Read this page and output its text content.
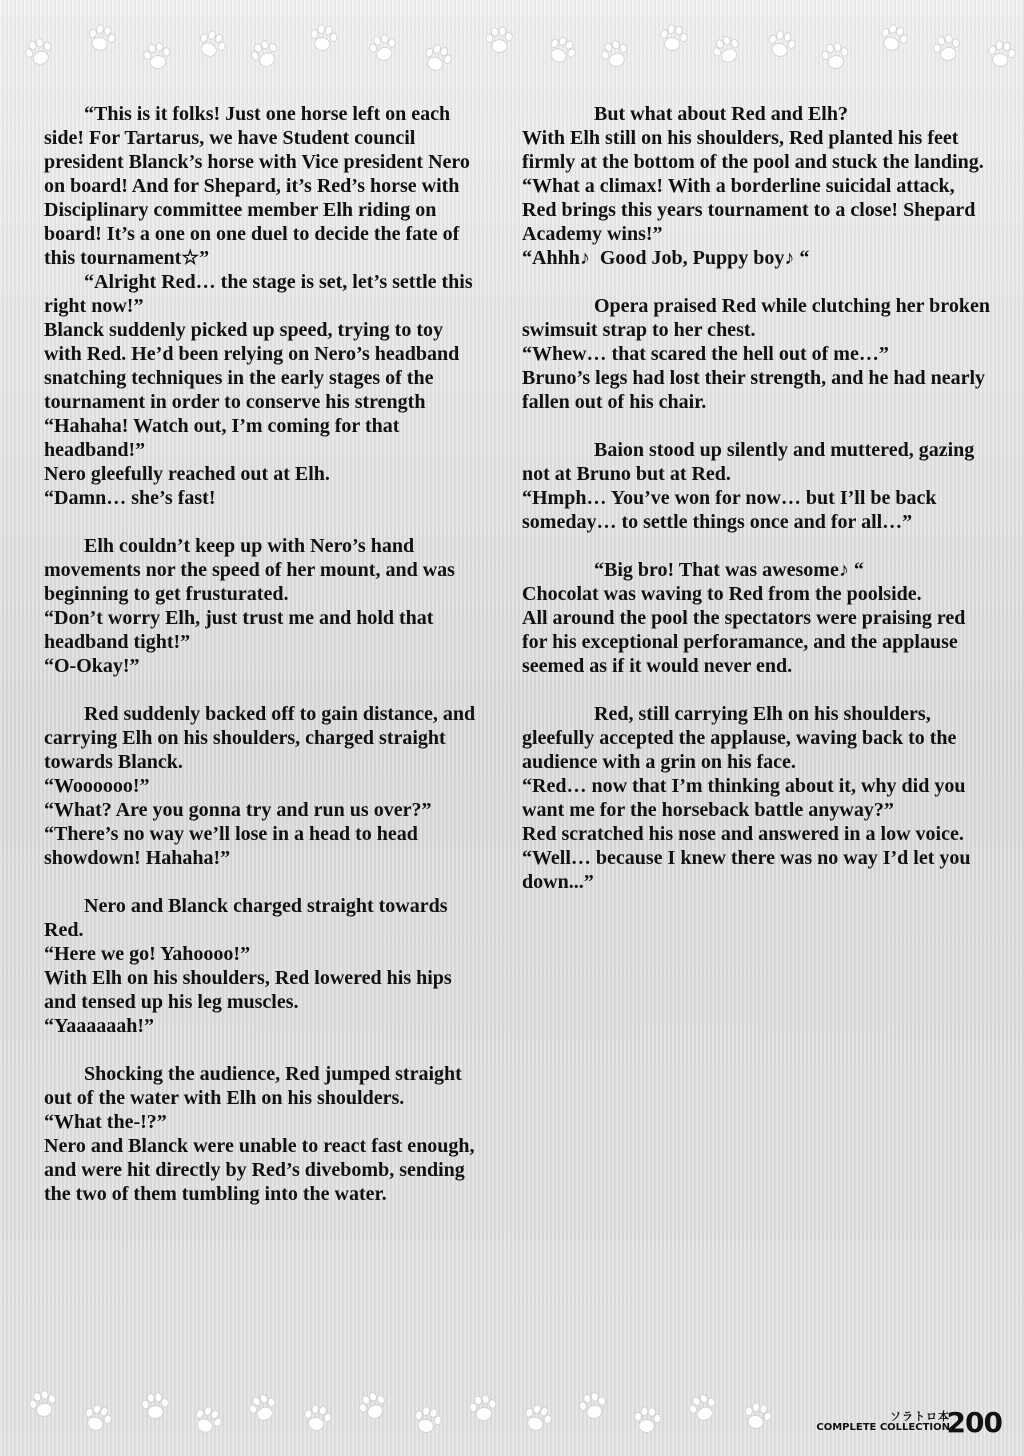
“This is it folks! Just one horse left on each side! For Tartarus, we have Student council president Blanck’s horse with Vice president Nero on board! And for Shepard, it’s Red’s horse with Disciplinary committee member Elh riding on board! It’s a one on one duel to decide the fate of this tournament☆”

“Alright Red… the stage is set, let’s settle this right now!”

Blanck suddenly picked up speed, trying to toy with Red. He’d been relying on Nero’s headband snatching techniques in the early stages of the tournament in order to conserve his strength

“Hahaha! Watch out, I’m coming for that headband!”

Nero gleefully reached out at Elh.

“Damn… she’s fast!

Elh couldn’t keep up with Nero’s hand movements nor the speed of her mount, and was beginning to get frusturated.

“Don’t worry Elh, just trust me and hold that headband tight!”

“O-Okay!”

Red suddenly backed off to gain distance, and carrying Elh on his shoulders, charged straight towards Blanck.

“Woooooo!”

“What? Are you gonna try and run us over?”

“There’s no way we’ll lose in a head to head showdown! Hahaha!”

Nero and Blanck charged straight towards Red.

“Here we go! Yahoooo!”

With Elh on his shoulders, Red lowered his hips and tensed up his leg muscles.

“Yaaaaaah!”

Shocking the audience, Red jumped straight out of the water with Elh on his shoulders.

“What the-!?”

Nero and Blanck were unable to react fast enough, and were hit directly by Red’s divebomb, sending the two of them tumbling into the water.

But what about Red and Elh?

With Elh still on his shoulders, Red planted his feet firmly at the bottom of the pool and stuck the landing.

“What a climax! With a borderline suicidal attack, Red brings this years tournament to a close! Shepard Academy wins!”

“Ahhh♪  Good Job, Puppy boy♪ “

Opera praised Red while clutching her broken swimsuit strap to her chest.

“Whew… that scared the hell out of me…”

Bruno’s legs had lost their strength, and he had nearly fallen out of his chair.

Baion stood up silently and muttered, gazing not at Bruno but at Red.

“Hmph… You’ve won for now… but I’ll be back someday… to settle things once and for all…”

“Big bro! That was awesome♪ “

Chocolat was waving to Red from the poolside.

All around the pool the spectators were praising red for his exceptional perforamance, and the applause seemed as if it would never end.

Red, still carrying Elh on his shoulders, gleefully accepted the applause, waving back to the audience with a grin on his face.

“Red… now that I’m thinking about it, why did you want me for the horseback battle anyway?”

Red scratched his nose and answered in a low voice.

“Well… because I knew there was no way I’d let you down...”

ソラトロ本
COMPLETE COLLECTION
200
